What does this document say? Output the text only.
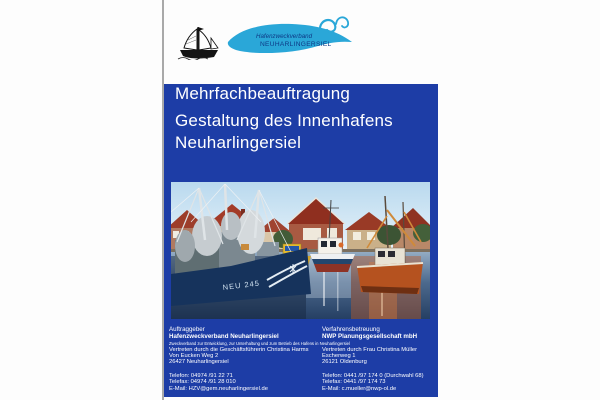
Hafenzweckverband
NEUHARLINGERSIEL
Mehrfachbeauftragung
Gestaltung des Innenhafens
Neuharlingersiel
NEU 245
Auftraggeber
Hafenzweckverband Neuharlingersiel
Zweckverband zur Entwicklung, zur Unterhaltung und zum Betrieb des Hafens in Neuharlingersiel
Vertreten durch die Geschäftsführerin Christina Harms
Von Eucken Weg 2
26427 Neuharlingersiel
Telefon: 04974 /91 22 71
Telefax: 04974 /91 28 010
E-Mail: HZV@gem.neuharlingersiel.de
Verfahrensbetreuung
NWP Planungsgesellschaft mbH
Vertreten durch Frau Christina Müller
Escherweg 1
26121 Oldenburg
Telefon: 0441 /97 174 0 (Durchwahl 68)
Telefax: 0441 /97 174 73
E-Mail: c.mueller@nwp-ol.de
